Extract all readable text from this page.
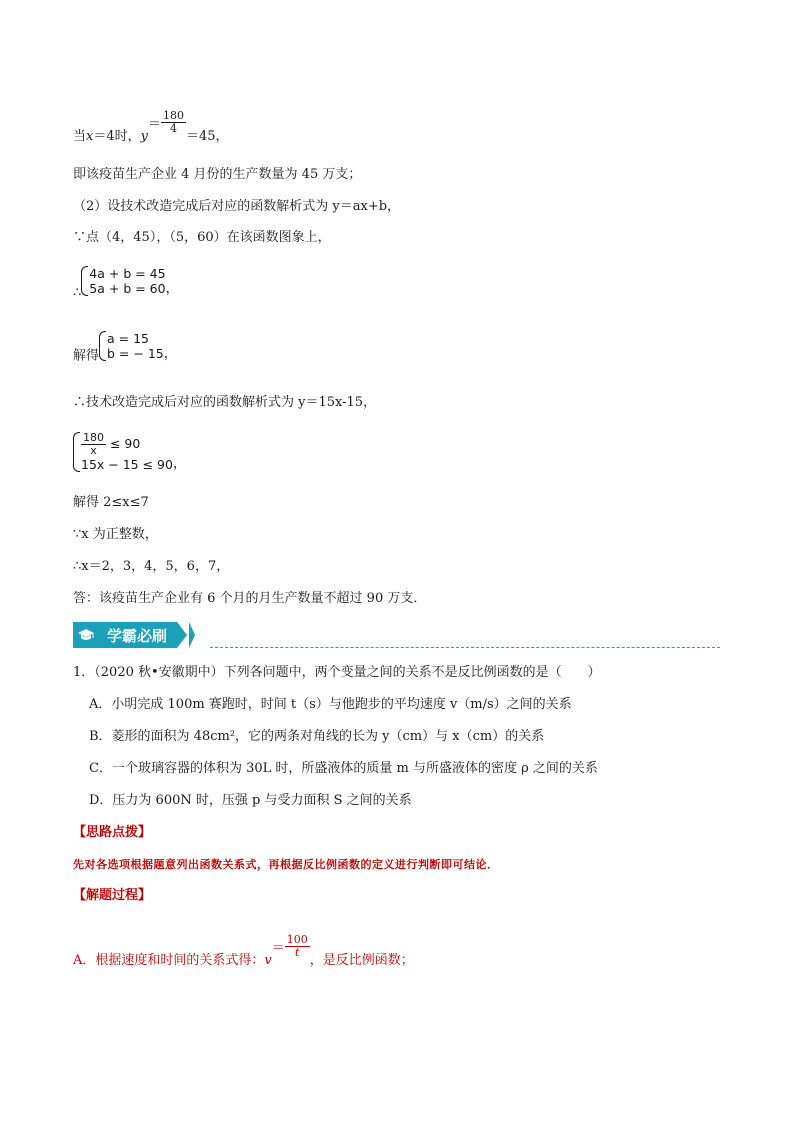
当x＝4时，$y= \frac{180}{4}$
＝45，
即该疫苗生产企业 4 月份的生产数量为 45 万支；
（2）设技术改造完成后对应的函数解析式为 y＝ax+b，
∵点（4，45），（5，60）在该函数图象上，
∴
4a + b = 45
5a + b = 60 ，
解得
a = 15
b = − 15 ，
∴技术改造完成后对应的函数解析式为 y＝15x-15，
$\frac{180}{x} \le 90$
15x − 15 ≤ 90 ，
解得 2≤x≤7
∵x 为正整数，
∴x＝2，3，4，5，6，7，
答：该疫苗生产企业有 6 个月的月生产数量不超过 90 万支．
学霸必刷
1．（2020 秋•安徽期中）下列各问题中，两个变量之间的关系不是反比例函数的是（　　）
A．小明完成 100m 赛跑时，时间 t（s）与他跑步的平均速度 v（m/s）之间的关系
B．菱形的面积为 48cm²，它的两条对角线的长为 y（cm）与 x（cm）的关系
C．一个玻璃容器的体积为 30L 时，所盛液体的质量 m 与所盛液体的密度 ρ 之间的关系
D．压力为 600N 时，压强 p 与受力面积 S 之间的关系
【思路点拨】
先对各选项根据题意列出函数关系式，再根据反比例函数的定义进行判断即可结论．
【解题过程】
A．根据速度和时间的关系式得：$v= \frac{100}{t}$
，是反比例函数；
